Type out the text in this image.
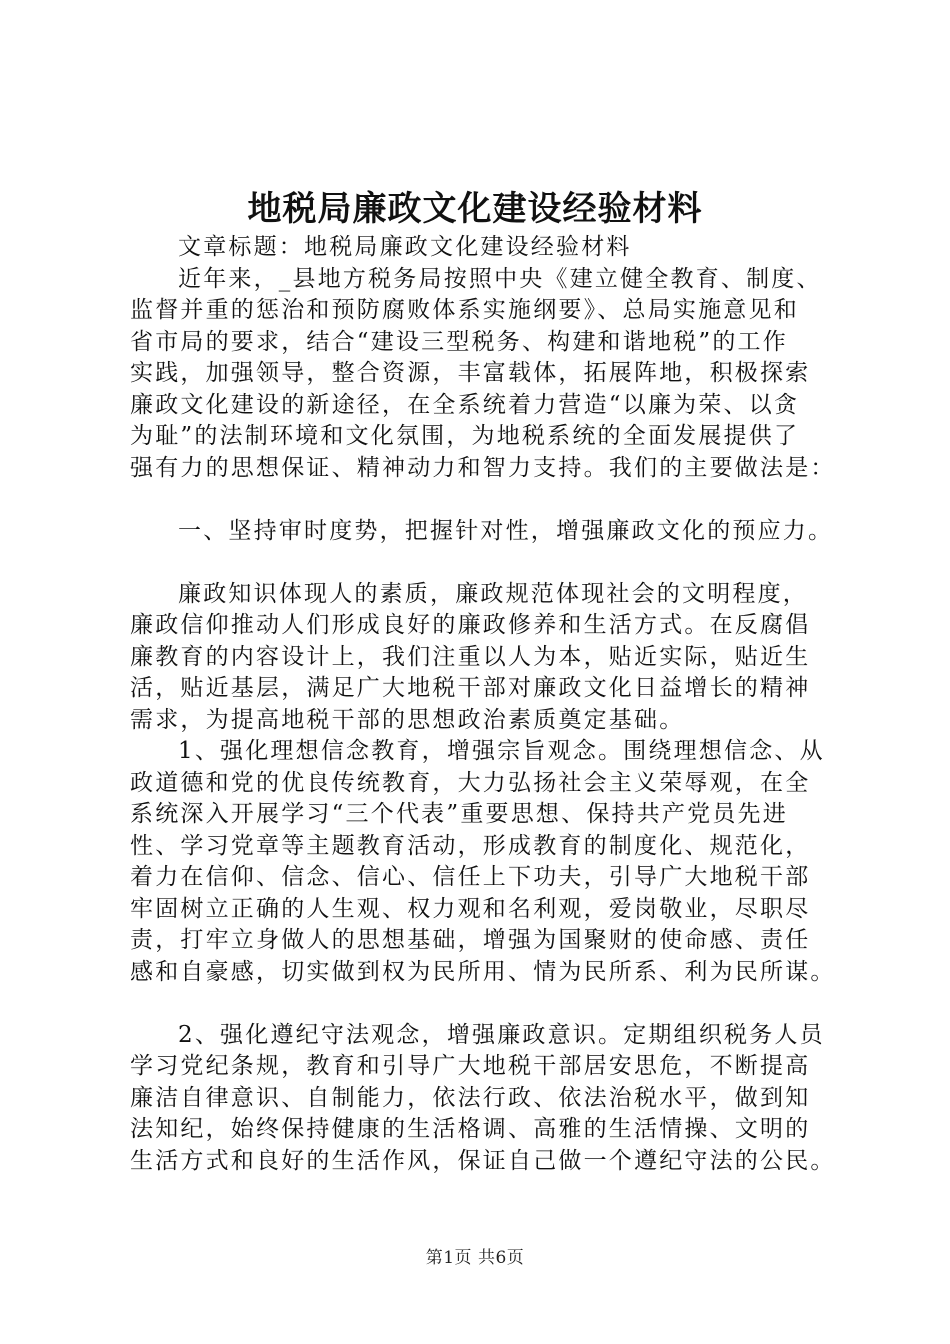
地税局廉政文化建设经验材料
文章标题：地税局廉政文化建设经验材料
近年来，_县地方税务局按照中央《建立健全教育、制度、
监督并重的惩治和预防腐败体系实施纲要》、总局实施意见和
省市局的要求，结合“建设三型税务、构建和谐地税”的工作
实践，加强领导，整合资源，丰富载体，拓展阵地，积极探索
廉政文化建设的新途径，在全系统着力营造“以廉为荣、以贪
为耻”的法制环境和文化氛围，为地税系统的全面发展提供了
强有力的思想保证、精神动力和智力支持。我们的主要做法是：
一、坚持审时度势，把握针对性，增强廉政文化的预应力。
廉政知识体现人的素质，廉政规范体现社会的文明程度，
廉政信仰推动人们形成良好的廉政修养和生活方式。在反腐倡
廉教育的内容设计上，我们注重以人为本，贴近实际，贴近生
活，贴近基层，满足广大地税干部对廉政文化日益增长的精神
需求，为提高地税干部的思想政治素质奠定基础。
1、强化理想信念教育，增强宗旨观念。围绕理想信念、从
政道德和党的优良传统教育，大力弘扬社会主义荣辱观，在全
系统深入开展学习“三个代表”重要思想、保持共产党员先进
性、学习党章等主题教育活动，形成教育的制度化、规范化，
着力在信仰、信念、信心、信任上下功夫，引导广大地税干部
牢固树立正确的人生观、权力观和名利观，爱岗敬业，尽职尽
责，打牢立身做人的思想基础，增强为国聚财的使命感、责任
感和自豪感，切实做到权为民所用、情为民所系、利为民所谋。
2、强化遵纪守法观念，增强廉政意识。定期组织税务人员
学习党纪条规，教育和引导广大地税干部居安思危，不断提高
廉洁自律意识、自制能力，依法行政、依法治税水平，做到知
法知纪，始终保持健康的生活格调、高雅的生活情操、文明的
生活方式和良好的生活作风，保证自己做一个遵纪守法的公民。
第1页 共6页
